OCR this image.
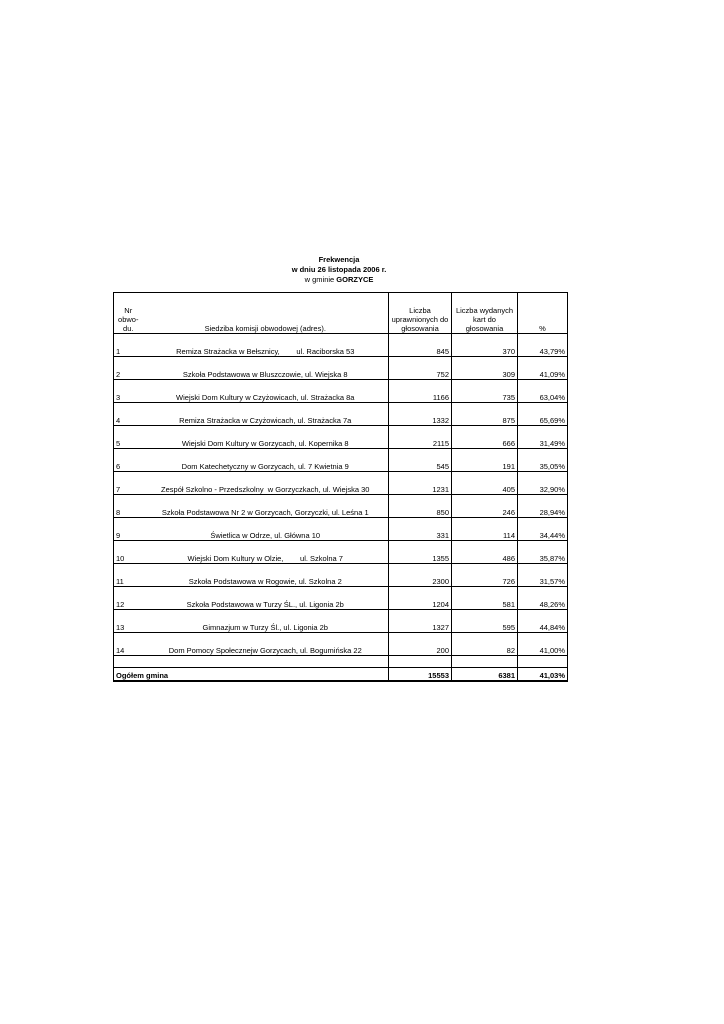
Frekwencja
w dniu 26 listopada 2006 r.
w gminie GORZYCE
Nr obwo-du.	Siedziba komisji obwodowej (adres).	Liczba uprawnionych do głosowania	Liczba wydanych kart do głosowania	%
1	Remiza Strażacka w Bełsznicy,        ul. Raciborska 53	845	370	43,79%
2	Szkoła Podstawowa w Bluszczowie, ul. Wiejska 8	752	309	41,09%
3	Wiejski Dom Kultury w Czyżowicach, ul. Strażacka 8a	1166	735	63,04%
4	Remiza Strażacka w Czyżowicach, ul. Strażacka 7a	1332	875	65,69%
5	Wiejski Dom Kultury w Gorzycach, ul. Kopernika 8	2115	666	31,49%
6	Dom Katechetyczny w Gorzycach, ul. 7 Kwietnia 9	545	191	35,05%
7	Zespół Szkolno - Przedszkolny  w Gorzyczkach, ul. Wiejska 30	1231	405	32,90%
8	Szkoła Podstawowa Nr 2 w Gorzycach, Gorzyczki, ul. Leśna 1	850	246	28,94%
9	Świetlica w Odrze, ul. Główna 10	331	114	34,44%
10	Wiejski Dom Kultury w Olzie,        ul. Szkolna 7	1355	486	35,87%
11	Szkoła Podstawowa w Rogowie, ul. Szkolna 2	2300	726	31,57%
12	Szkoła Podstawowa w Turzy ŚL., ul. Ligonia 2b	1204	581	48,26%
13	Gimnazjum w Turzy Śl., ul. Ligonia 2b	1327	595	44,84%
14	Dom Pomocy Społecznejw Gorzycach, ul. Bogumińska 22	200	82	41,00%

Ogółem gmina		15553	6381	41,03%
